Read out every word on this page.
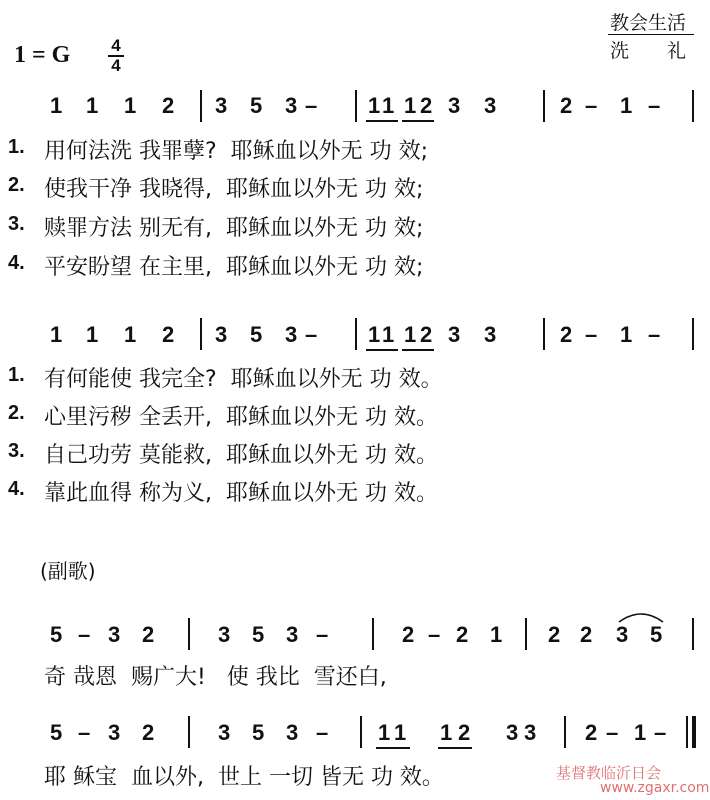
1 = G 4
4
教会生活
洗　　礼
1 1 1 2 3 5 3 – 1 1 1 2 3 3	2 – 1 –
1. 用何法洗 我罪孽?  耶稣血以外无 功 效;
2. 使我干净 我晓得,  耶稣血以外无 功 效;
3. 赎罪方法 别无有,  耶稣血以外无 功 效;
4. 平安盼望 在主里,  耶稣血以外无 功 效;
1 1 1 2 3 5 3 – 1 1 1 2 3 3	2 – 1 –
1. 有何能使 我完全?  耶稣血以外无 功 效。
2. 心里污秽 全丢开,  耶稣血以外无 功 效。
3. 自己功劳 莫能救,  耶稣血以外无 功 效。
4. 靠此血得 称为义,  耶稣血以外无 功 效。
(副歌)
5 – 3 2	3 5 3 –	2 – 2 1 2 2 3 5
奇 哉恩  赐广大!   使 我比  雪还白,
5 – 3 2	3 5 3 – 1 1 1 2 3 3 2 – 1 –
耶 稣宝  血以外,  世上 一切 皆无 功 效。	基督教临沂日会
www.zgaxr.com
